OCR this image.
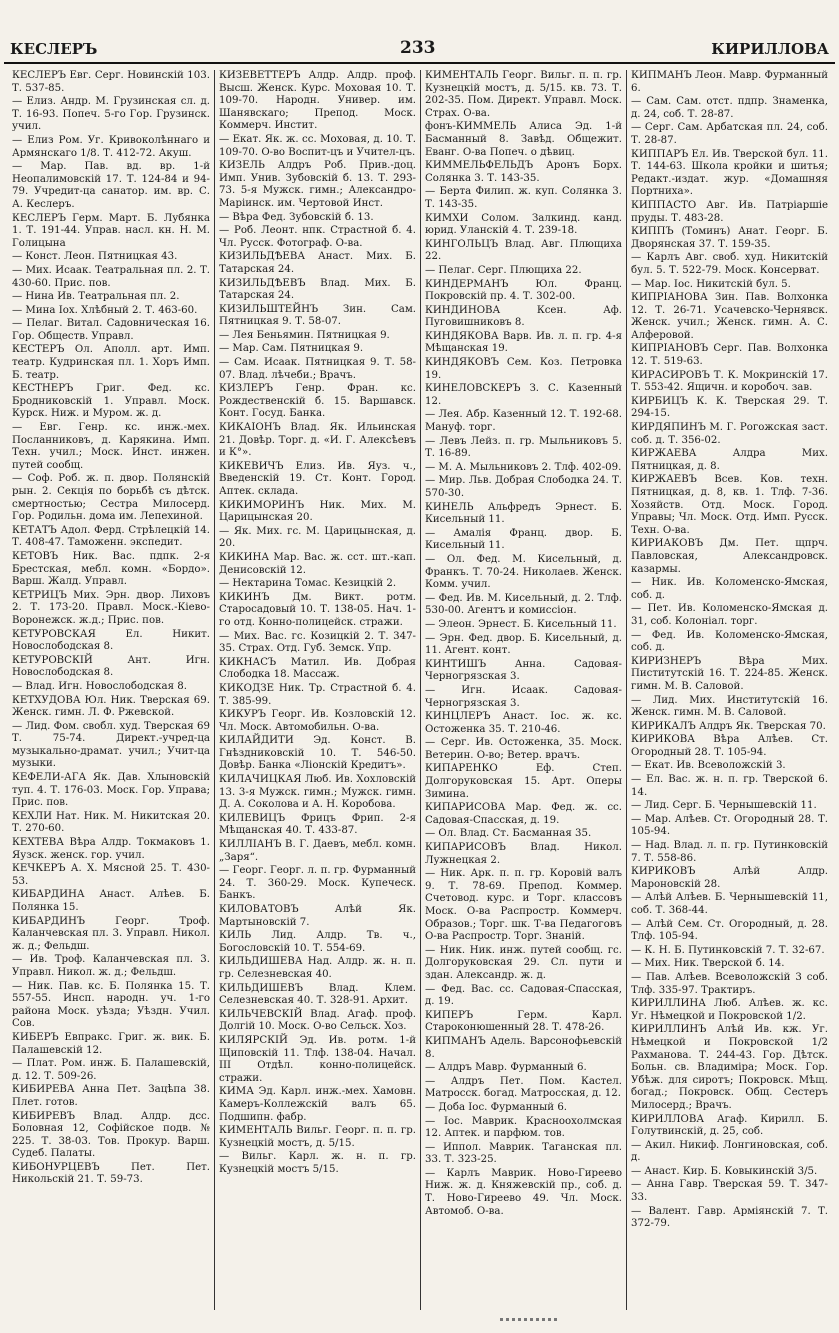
КЕСЛЕРЪ	233	КИРИЛЛОВА

КЕСЛЕРЪ Евг. Серг. Новинскій 103. Т. 537-85.

— Елиз. Андр. М. Грузинская сл. д. Т. 16-93. Попеч. 5-го Гор. Грузинск. учил.

— Елиз Ром. Уг. Кривоколѣннаго и Армянскаго 1/8. Т. 412-72. Акуш.

— Мар. Пав. вд. вр. 1-й Неопалимовскій 17. Т. 124-84 и 94-79. Учредит-ца санатор. им. вр. С. А. Кеслеръ.

КЕСЛЕРЪ Герм. Март. Б. Лубянка 1. Т. 191-44. Управ. насл. кн. Н. М. Голицына

— Конст. Леон. Пятницкая 43.

— Мих. Исаак. Театральная пл. 2. Т. 430-60. Прис. пов.

— Нина Ив. Театральная пл. 2.

— Мина Іох. Хлѣбный 2. Т. 463-60.

— Пелаг. Витал. Садовническая 16. Гор. Обществ. Управл.

КЕСТЕРЪ Ол. Аполл. арт. Имп. театр. Кудринская пл. 1. Хоръ Имп. Б. театр.

КЕСТНЕРЪ Григ. Фед. кс. Бродниковскій 1. Управл. Моск. Курск. Ниж. и Муром. ж. д.

— Евг. Генр. кс. инж.-мех. Посланниковъ, д. Карякина. Имп. Техн. учил.; Моск. Инст. инжен. путей сообщ.

— Соф. Роб. ж. п. двор. Полянскій рын. 2. Секція по борьбѣ съ дѣтск. смертностью; Сестра Милосерд. Гор. Родильн. дома им. Лепехиной.

КЕТАТЪ Адол. Ферд. Стрѣлецкій 14. Т. 408-47. Таможенн. экспедит.

КЕТОВЪ Ник. Вас. пдпк. 2-я Брестская, мебл. комн. «Бордо». Варш. Жалд. Управл.

КЕТРИЦЪ Мих. Эрн. двор. Лиховъ 2. Т. 173-20. Правл. Моск.-Кіево-Воронежск. ж.д.; Прис. пов.

КЕТУРОВСКАЯ Ел. Никит. Новослободская 8.

КЕТУРОВСКІЙ Ант. Игн. Новослободская 8.

— Влад. Игн. Новослободская 8.

КЕТХУДОВА Юл. Ник. Тверская 69. Женск. гимн. Л. Ф. Ржевской.

— Лид. Фом. свобл. худ. Тверская 69 Т. 75-74. Директ.-учред-ца музыкально-драмат. учил.; Учит-ца музыки.

КЕФЕЛИ-АГА Як. Дав. Хлыновскій туп. 4. Т. 176-03. Моск. Гор. Управа; Прис. пов.

КЕХЛИ Нат. Ник. М. Никитская 20. Т. 270-60.

КЕХТЕВА Вѣра Алдр. Токмаковъ 1. Яузск. женск. гор. учил.

КЕЧКЕРЪ А. Х. Мясной 25. Т. 430-53.

КИБАРДИНА Анаст. Алѣев. Б. Полянка 15.

КИБАРДИНЪ Георг. Троф. Каланчевская пл. 3. Управл. Никол. ж. д.; Фельдш.

— Ив. Троф. Каланчевская пл. 3. Управл. Никол. ж. д.; Фельдш.

— Ник. Пав. кс. Б. Полянка 15. Т. 557-55. Инсп. народн. уч. 1-го района Моск. уѣзда; Уѣздн. Учил. Сов.

КИБЕРЪ Евпракс. Григ. ж. вик. Б. Палашевскій 12.

— Плат. Ром. инж. Б. Палашевскій, д. 12. Т. 509-26.

КИБИРЕВА Анна Пет. Зацѣпа 38. Плет. готов.

КИБИРЕВЪ Влад. Алдр. дсс. Боловная 12, Софійское подв. № 225. Т. 38-03. Тов. Прокур. Варш. Судеб. Палаты.

КИБОНУРЦЕВЪ Пет. Пет. Никольскій 21. Т. 59-73.

КИЗЕВЕТТЕРЪ Алдр. Алдр. проф. Высш. Женск. Курс. Моховая 10. Т. 109-70. Народн. Универ. им. Шанявскаго; Препод. Моск. Коммерч. Инстит.

— Екат. Як. ж. сс. Моховая, д. 10. Т. 109-70. О-во Воспит-цъ и Учител-цъ.

КИЗЕЛЬ Алдръ Роб. Прив.-доц. Имп. Унив. Зубовскій б. 13. Т. 293-73. 5-я Мужск. гимн.; Александро-Маріинск. им. Чертовой Инст.

— Вѣра Фед. Зубовскій б. 13.

— Роб. Леонт. нпк. Страстной б. 4. Чл. Русск. Фотограф. О-ва.

КИЗИЛЬДѢЕВА Анаст. Мих. Б. Татарская 24.

КИЗИЛЬДѢЕВЪ Влад. Мих. Б. Татарская 24.

КИЗИЛЬШТЕЙНЪ Зин. Сам. Пятницкая 9. Т. 58-07.

— Лея Беньямин. Пятницкая 9.

— Мар. Сам. Пятницкая 9.

— Сам. Исаак. Пятницкая 9. Т. 58-07. Влад. лѣчеби.; Врачъ.

КИЗЛЕРЪ Генр. Фран. кс. Рождественскій б. 15. Варшавск. Конт. Госуд. Банка.

КИКАІОНЪ Влад. Як. Ильинская 21. Довѣр. Торг. д. «И. Г. Алексѣевъ и К°».

КИКЕВИЧЪ Елиз. Ив. Яуз. ч., Введенскій 19. Ст. Конт. Город. Аптек. склада.

КИКИМОРИНЪ Ник. Мих. М. Царицынская 20.

— Як. Мих. гс. М. Царицынская, д. 20.

КИКИНА Мар. Вас. ж. сст. шт.-кап. Денисовскій 12.

— Нектарина Томас. Кезицкій 2.

КИКИНЪ Дм. Викт. ротм. Старосадовый 10. Т. 138-05. Нач. 1-го отд. Конно-полицейск. стражи.

— Мих. Вас. гс. Козицкій 2. Т. 347-35. Страх. Отд. Губ. Земск. Упр.

КИКНАСЪ Матил. Ив. Добрая Слободка 18. Массаж.

КИКОДЗЕ Ник. Тр. Страстной б. 4. Т. 385-99.

КИКУРЪ Георг. Ив. Козловскій 12. Чл. Моск. Автомобильн. О-ва.

КИЛАЙДИТИ Эд. Конст. В. Гнѣздниковскій 10. Т. 546-50. Довѣр. Банка «Ліонскій Кредитъ».

КИЛАЧИЦКАЯ Люб. Ив. Хохловскій 13. 3-я Мужск. гимн.; Мужск. гимн. Д. А. Соколова и А. Н. Коробова.

КИЛЕВИЦЪ Фрицъ Фрип. 2-я Мѣщанская 40. Т. 433-87.

КИЛЛІАНЪ В. Г. Даевъ, мебл. комн. „Заря“.

— Георг. Георг. л. п. гр. Фурманный 24. Т. 360-29. Моск. Купеческ. Банкъ.

КИЛОВАТОВЪ Алѣй Як. Мартыновскій 7.

КИЛЬ Лид. Алдр. Тв. ч., Богословскій 10. Т. 554-69.

КИЛЬДИШЕВА Над. Алдр. ж. н. п. гр. Селезневская 40.

КИЛЬДИШЕВЪ Влад. Клем. Селезневская 40. Т. 328-91. Архит.

КИЛЬЧЕВСКІЙ Влад. Агаф. проф. Долгій 10. Моск. О-во Сельск. Хоз.

КИЛЯРСКІЙ Эд. Ив. ротм. 1-й Щиповскій 11. Тлф. 138-04. Начал. III Отдѣл. конно-полицейск. стражи.

КИМА Эд. Карл. инж.-мех. Хамовн. Камеръ-Коллежскій валъ 65. Подшипн. фабр.

КИМЕНТАЛЬ Вильг. Георг. п. п. гр. Кузнецкій мостъ, д. 5/15.

— Вильг. Карл. ж. н. п. гр. Кузнецкій мостъ 5/15.

КИМЕНТАЛЬ Георг. Вильг. п. п. гр. Кузнецкій мостъ, д. 5/15. кв. 73. Т. 202-35. Пом. Директ. Управл. Моск. Страх. О-ва.

фонъ-КИММЕЛЬ Алиса Эд. 1-й Басманный 8. Завѣд. Общежит. Еванг. О-ва Попеч. о дѣвиц.

КИММЕЛЬФЕЛЬДЪ Аронъ Борх. Солянка 3. Т. 143-35.

— Берта Филип. ж. куп. Солянка 3. Т. 143-35.

КИМХИ Солом. Залкинд. канд. юрид. Уланскій 4. Т. 239-18.

КИНГОЛЬЦЪ Влад. Авг. Плющиха 22.

— Пелаг. Серг. Плющиха 22.

КИНДЕРМАНЪ Юл. Франц. Покровскій пр. 4. Т. 302-00.

КИНДИНОВА Ксен. Аф. Пуговишниковъ 8.

КИНДЯКОВА Варв. Ив. л. п. гр. 4-я Мѣщанская 19.

КИНДЯКОВЪ Сем. Коз. Петровка 19.

КИНЕЛОВСКЕРЪ З. С. Казенный 12.

— Лея. Абр. Казенный 12. Т. 192-68. Мануф. торг.

— Левъ Лейз. п. гр. Мыльниковъ 5. Т. 16-89.

— М. А. Мыльниковъ 2. Тлф. 402-09.

— Мир. Льв. Добрая Слободка 24. Т. 570-30.

КИНЕЛЬ Альфредъ Эрнест. Б. Кисельный 11.

— Амалія Франц. двор. Б. Кисельный 11.

— Ол. Фед. М. Кисельный, д. Франкъ. Т. 70-24. Николаев. Женск. Комм. учил.

— Фед. Ив. М. Кисельный, д. 2. Тлф. 530-00. Агентъ и комиссіон.

— Элеон. Эрнест. Б. Кисельный 11.

— Эрн. Фед. двор. Б. Кисельный, д. 11. Агент. конт.

КИНТИШЪ Анна. Садовая-Черногрязская 3.

— Игн. Исаак. Садовая-Черногрязская 3.

КИНЦЛЕРЪ Анаст. Іос. ж. кс. Остоженка 35. Т. 210-46.

— Серг. Ив. Остоженка, 35. Моск. Ветерин. О-во; Ветер. врачъ.

КИПАРЕНКО Еф. Степ. Долгоруковская 15. Арт. Оперы Зимина.

КИПАРИСОВА Мар. Фед. ж. сс. Садовая-Спасская, д. 19.

— Ол. Влад. Ст. Басманная 35.

КИПАРИСОВЪ Влад. Никол. Лужнецкая 2.

— Ник. Арк. п. п. гр. Коровій валъ 9. Т. 78-69. Препод. Коммер. Счетовод. курс. и Торг. классовъ Моск. О-ва Распростр. Коммерч. Образов.; Торг. шк. Т-ва Педагоговъ О-ва Распростр. Торг. Знаній.

— Ник. Ник. инж. путей сообщ. гс. Долгоруковская 29. Сл. пути и здан. Александр. ж. д.

— Фед. Вас. сс. Садовая-Спасская, д. 19.

КИПЕРЪ Герм. Карл. Староконюшенный 28. Т. 478-26.

КИПМАНЪ Адель. Варсонофьевскій 8.

— Алдръ Мавр. Фурманный 6.

— Алдръ Пет. Пом. Кастел. Матросск. богад. Матросская, д. 12.

— Доба Іос. Фурманный 6.

— Іос. Маврик. Красноохолмская 12. Аптек. и парфюм. тов.

— Иппол. Маврик. Таганская пл. 33. Т. 323-25.

— Карлъ Маврик. Ново-Гиреево Ниж. ж. д. Княжевскій пр., соб. д. Т. Ново-Гиреево 49. Чл. Моск. Автомоб. О-ва.

КИПМАНЪ Леон. Мавр. Фурманный 6.

— Сам. Сам. отст. пдпр. Знаменка, д. 24, соб. Т. 28-87.

— Серг. Сам. Арбатская пл. 24, соб. Т. 28-87.

КИППАРЪ Ел. Ив. Тверской бул. 11. Т. 144-63. Школа кройки и шитья; Редакт.-издат. жур. «Домашняя Портниха».

КИППАСТО Авг. Ив. Патріаршіе пруды. Т. 483-28.

КИППЪ (Томинъ) Анат. Георг. Б. Дворянская 37. Т. 159-35.

— Карлъ Авг. своб. худ. Никитскій бул. 5. Т. 522-79. Моск. Консерват.

— Мар. Іос. Никитскій бул. 5.

КИПРІАНОВА Зин. Пав. Волхонка 12. Т. 26-71. Усачевско-Чернявск. Женск. учил.; Женск. гимн. А. С. Алферовой.

КИПРІАНОВЪ Серг. Пав. Волхонка 12. Т. 519-63.

КИРАСИРОВЪ Т. К. Мокринскій 17. Т. 553-42. Ящичн. и коробоч. зав.

КИРБИЦЪ К. К. Тверская 29. Т. 294-15.

КИРДЯПИНЪ М. Г. Рогожская заст. соб. д. Т. 356-02.

КИРЖАЕВА Алдра Мих. Пятницкая, д. 8.

КИРЖАЕВЪ Всев. Ков. техн. Пятницкая, д. 8, кв. 1. Тлф. 7-36. Хозяйств. Отд. Моск. Город. Управы; Чл. Моск. Отд. Имп. Русск. Техн. О-ва.

КИРИАКОВЪ Дм. Пет. щпрч. Павловская, Александровск. казармы.

— Ник. Ив. Коломенско-Ямская, соб. д.

— Пет. Ив. Коломенско-Ямская д. 31, соб. Колоніал. торг.

— Фед. Ив. Коломенско-Ямская, соб. д.

КИРИЗНЕРЪ Вѣра Мих. Пиститутскій 16. Т. 224-85. Женск. гимн. М. В. Саловой.

— Лид. Мих. Институтскій 16. Женск. гимн. М. В. Саловой.

КИРИКАЛЪ Алдръ Як. Тверская 70.

КИРИКОВА Вѣра Алѣев. Ст. Огородный 28. Т. 105-94.

— Екат. Ив. Всеволожскій 3.

— Ел. Вас. ж. н. п. гр. Тверской 6. 14.

— Лид. Серг. Б. Чернышевскій 11.

— Мар. Алѣев. Ст. Огородный 28. Т. 105-94.

— Над. Влад. л. п. гр. Путинковскій 7. Т. 558-86.

КИРИКОВЪ Алѣй Алдр. Мароновскій 28.

— Алѣй Алѣев. Б. Чернышевскій 11, соб. Т. 368-44.

— Алѣй Сем. Ст. Огородный, д. 28. Тлф. 105-94.

— К. Н. Б. Путинковскій 7. Т. 32-67.

— Мих. Ник. Тверской б. 14.

— Пав. Алѣев. Всеволожскій 3 соб. Тлф. 335-97. Трактиръ.

КИРИЛЛИНА Люб. Алѣев. ж. кс. Уг. Нѣмецкой и Покровской 1/2.

КИРИЛЛИНЪ Алѣй Ив. кж. Уг. Нѣмецкой и Покровской 1/2 Рахманова. Т. 244-43. Гор. Дѣтск. Больн. св. Владиміра; Моск. Гор. Убѣж. для сиротъ; Покровск. Мѣщ. богад.; Покровск. Общ. Сестеръ Милосерд.; Врачъ.

КИРИЛЛОВА Агаф. Кирилл. Б. Голутвинскій, д. 25, соб.

— Акил. Никиф. Лонгиновская, соб. д.

— Анаст. Кир. Б. Ковыкинскій 3/5.

— Анна Гавр. Тверская 59. Т. 347-33.

— Валент. Гавр. Арміянскій 7. Т. 372-79.
